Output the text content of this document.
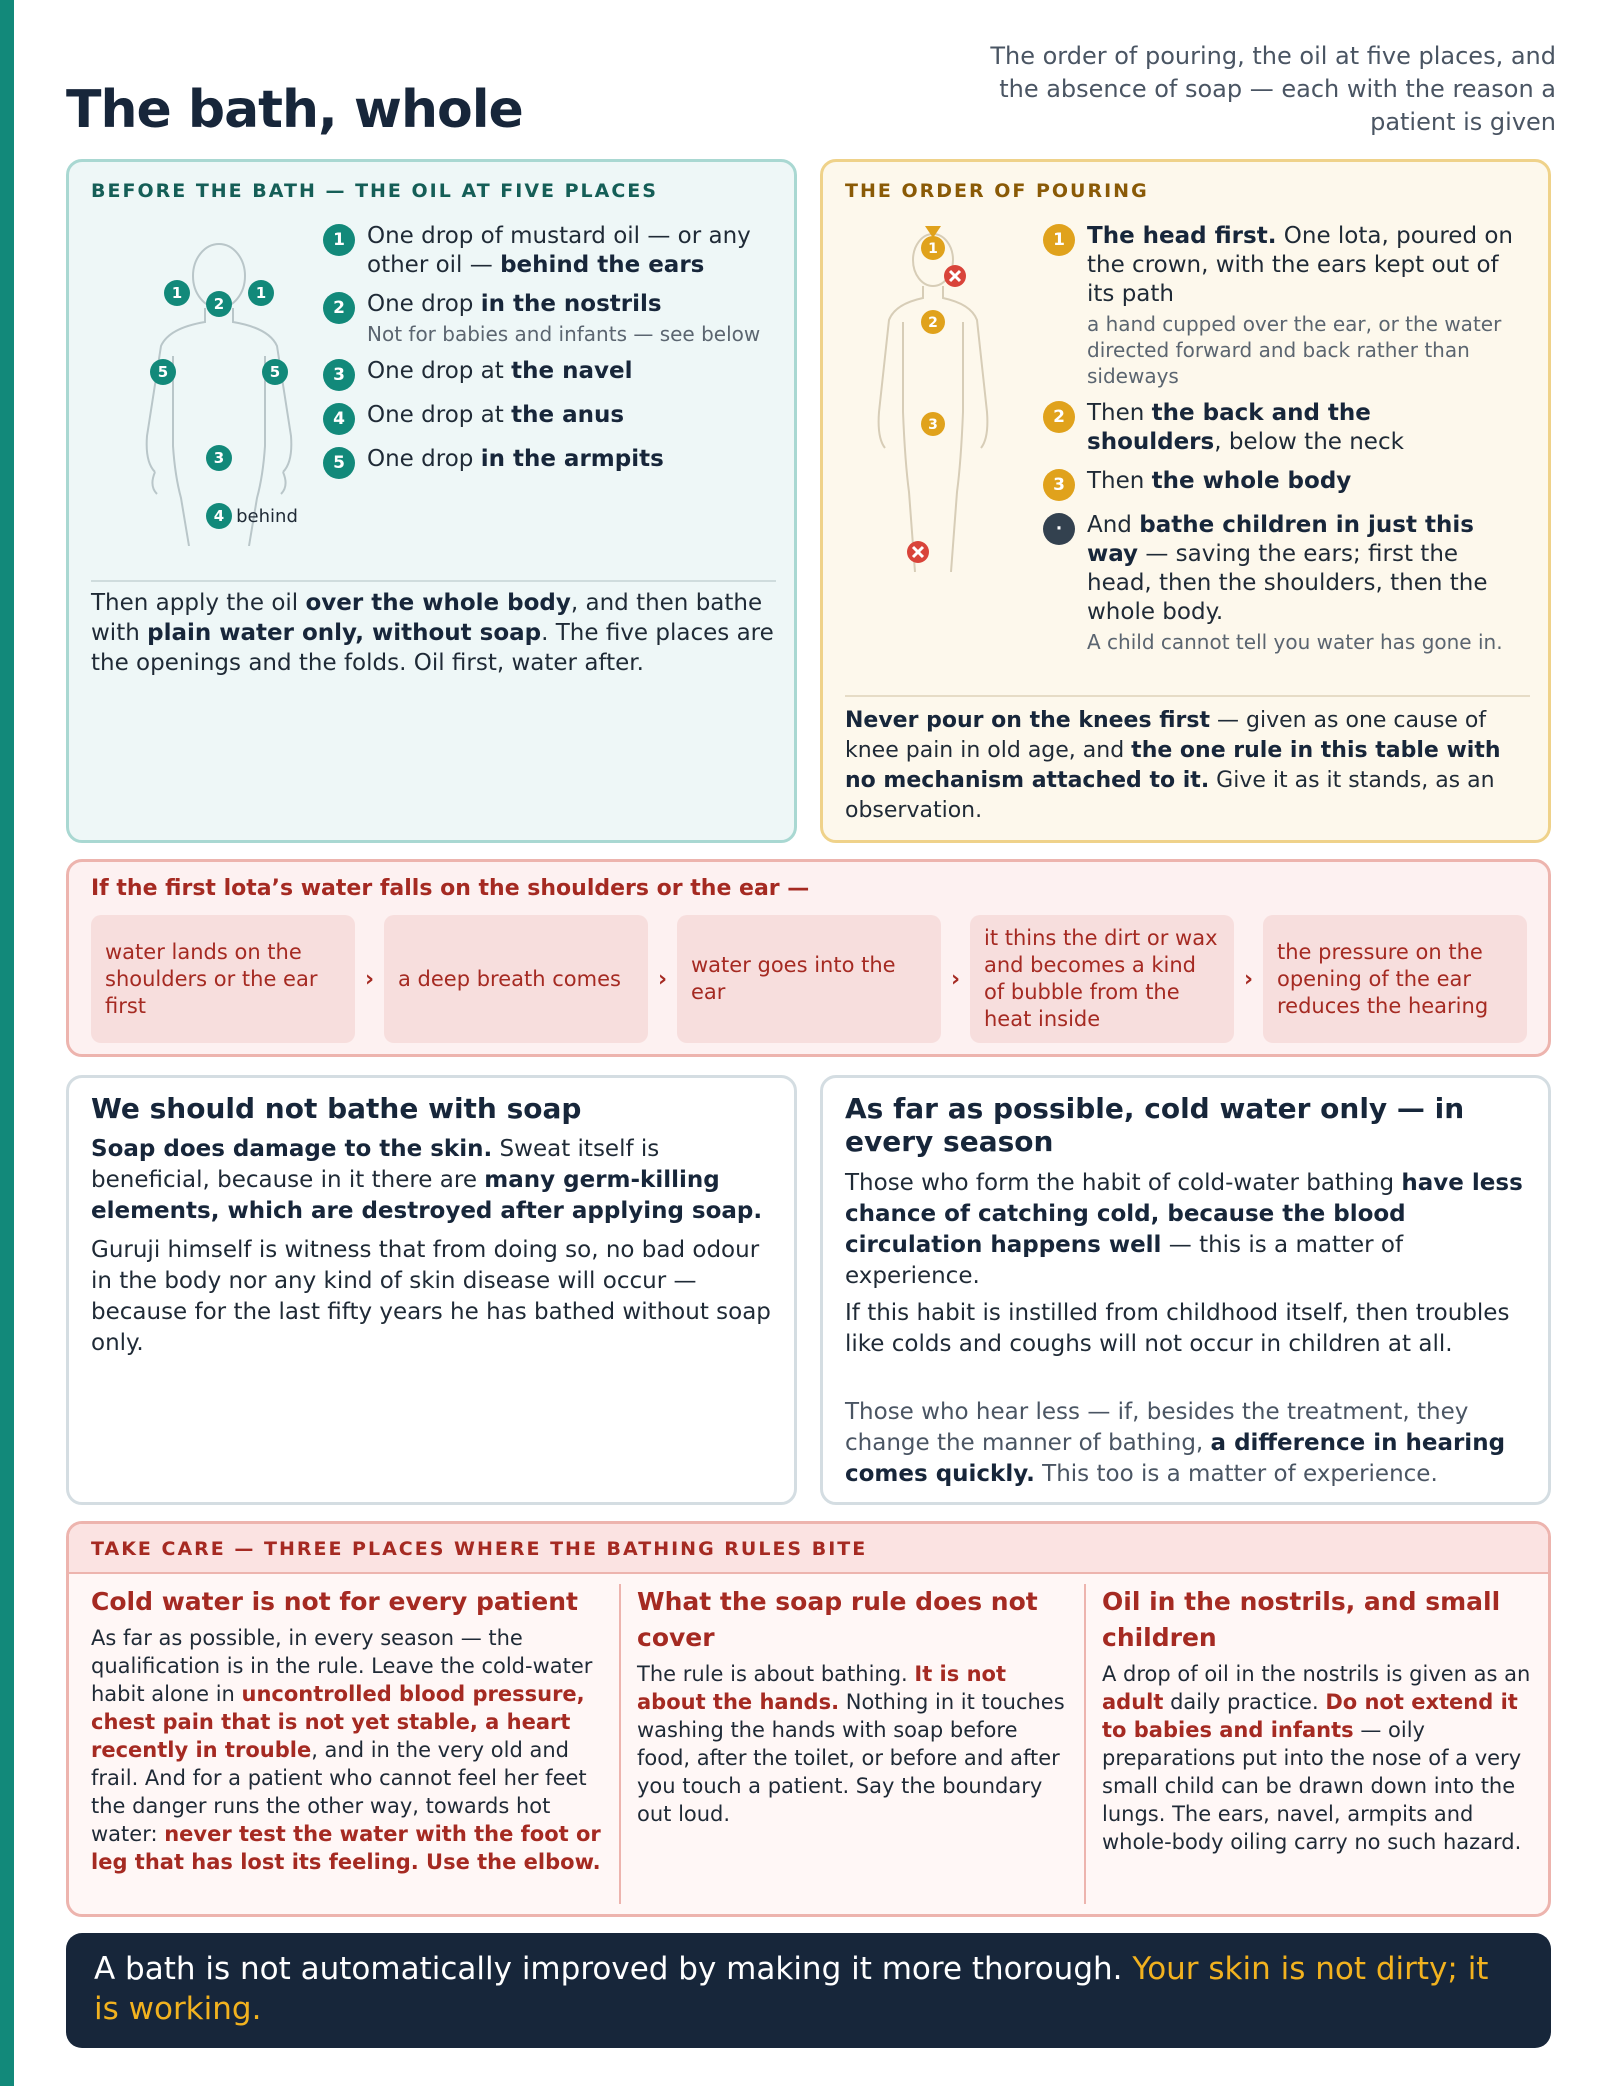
The bath, whole

The order of pouring, the oil at five places, and the absence of soap — each with the reason a patient is given

BEFORE THE BATH — THE OIL AT FIVE PLACES
1	1
2
5	5
3
4 behind
1 One drop of mustard oil — or any other oil — behind the ears
2 One drop in the nostrils
Not for babies and infants — see below
3 One drop at the navel
4 One drop at the anus
5 One drop in the armpits

Then apply the oil over the whole body, and then bathe with plain water only, without soap. The five places are the openings and the folds. Oil first, water after.

THE ORDER OF POURING
1
2
3
1 The head first. One lota, poured on the crown, with the ears kept out of its path
a hand cupped over the ear, or the water directed forward and back rather than sideways
2 Then the back and the shoulders, below the neck
3 Then the whole body
·	And bathe children in just this way — saving the ears; first the head, then the shoulders, then the whole body.
A child cannot tell you water has gone in.

Never pour on the knees first — given as one cause of knee pain in old age, and the one rule in this table with no mechanism attached to it. Give it as it stands, as an observation.

If the first lota’s water falls on the shoulders or the ear —
water lands on the shoulders or the ear first
›	a deep breath comes	›
water goes into the ear
›
it thins the dirt or wax and becomes a kind of bubble from the heat inside
›
the pressure on the opening of the ear reduces the hearing
We should not bathe with soap

Soap does damage to the skin. Sweat itself is beneficial, because in it there are many germ-killing elements, which are destroyed after applying soap.

Guruji himself is witness that from doing so, no bad odour in the body nor any kind of skin disease will occur — because for the last fifty years he has bathed without soap only.

As far as possible, cold water only — in every season

Those who form the habit of cold-water bathing have less chance of catching cold, because the blood circulation happens well — this is a matter of experience.

If this habit is instilled from childhood itself, then troubles like colds and coughs will not occur in children at all.

Those who hear less — if, besides the treatment, they change the manner of bathing, a difference in hearing comes quickly. This too is a matter of experience.

TAKE CARE — THREE PLACES WHERE THE BATHING RULES BITE
Cold water is not for every patient

As far as possible, in every season — the qualification is in the rule. Leave the cold-water habit alone in uncontrolled blood pressure, chest pain that is not yet stable, a heart recently in trouble, and in the very old and frail. And for a patient who cannot feel her feet the danger runs the other way, towards hot water: never test the water with the foot or leg that has lost its feeling. Use the elbow.

What the soap rule does not cover

The rule is about bathing. It is not about the hands. Nothing in it touches washing the hands with soap before food, after the toilet, or before and after you touch a patient. Say the boundary out loud.

Oil in the nostrils, and small children

A drop of oil in the nostrils is given as an adult daily practice. Do not extend it to babies and infants — oily preparations put into the nose of a very small child can be drawn down into the lungs. The ears, navel, armpits and whole-body oiling carry no such hazard.

A bath is not automatically improved by making it more thorough. Your skin is not dirty; it is working.
